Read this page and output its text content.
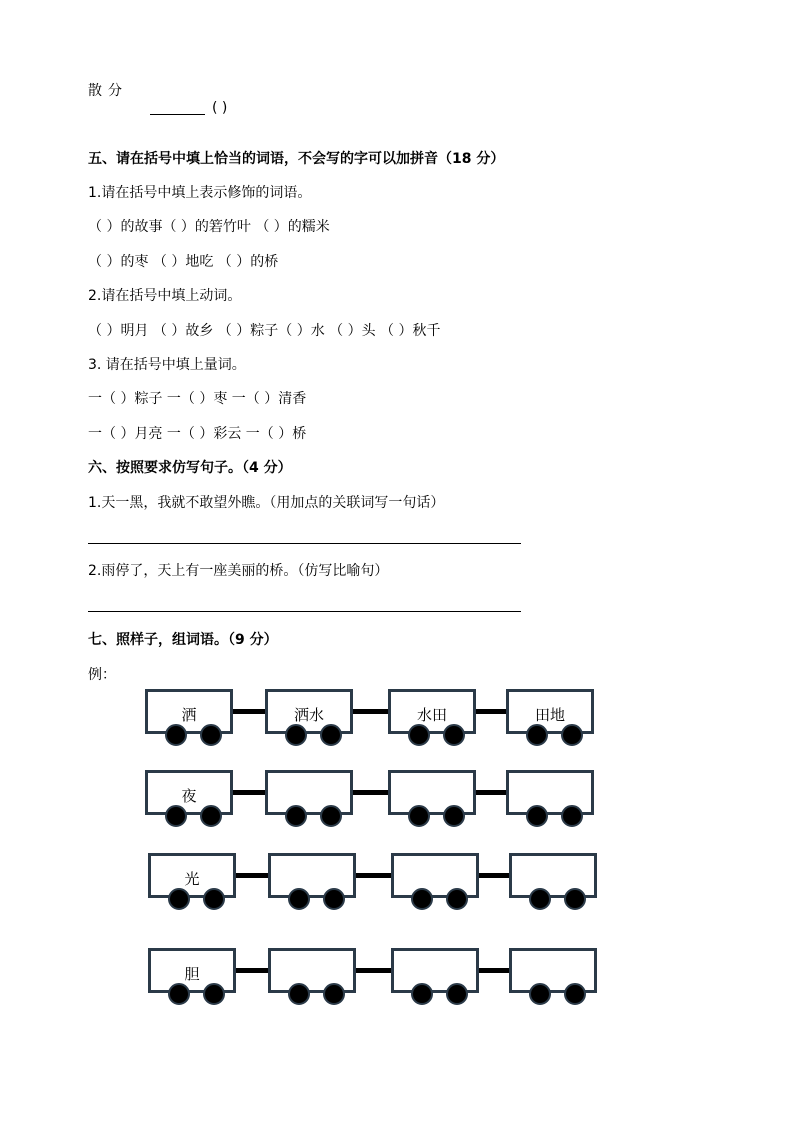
散分
( )
五、请在括号中填上恰当的词语，不会写的字可以加拼音（18 分）
1.请在括号中填上表示修饰的词语。
（ ）的故事（ ）的箬竹叶 （ ）的糯米
（ ）的枣 （ ）地吃 （ ）的桥
2.请在括号中填上动词。
（ ）明月 （ ）故乡 （ ）粽子（ ）水 （ ）头 （ ）秋千
3. 请在括号中填上量词。
一（ ）粽子 一（ ）枣 一（ ）清香
一（ ）月亮 一（ ）彩云 一（ ）桥
六、按照要求仿写句子。（4 分）
1.天一黑，我就不敢望外瞧。（用加点的关联词写一句话）
2.雨停了，天上有一座美丽的桥。（仿写比喻句）
七、照样子，组词语。（9 分）
例：
洒	洒水	水田	田地
夜
光
胆
